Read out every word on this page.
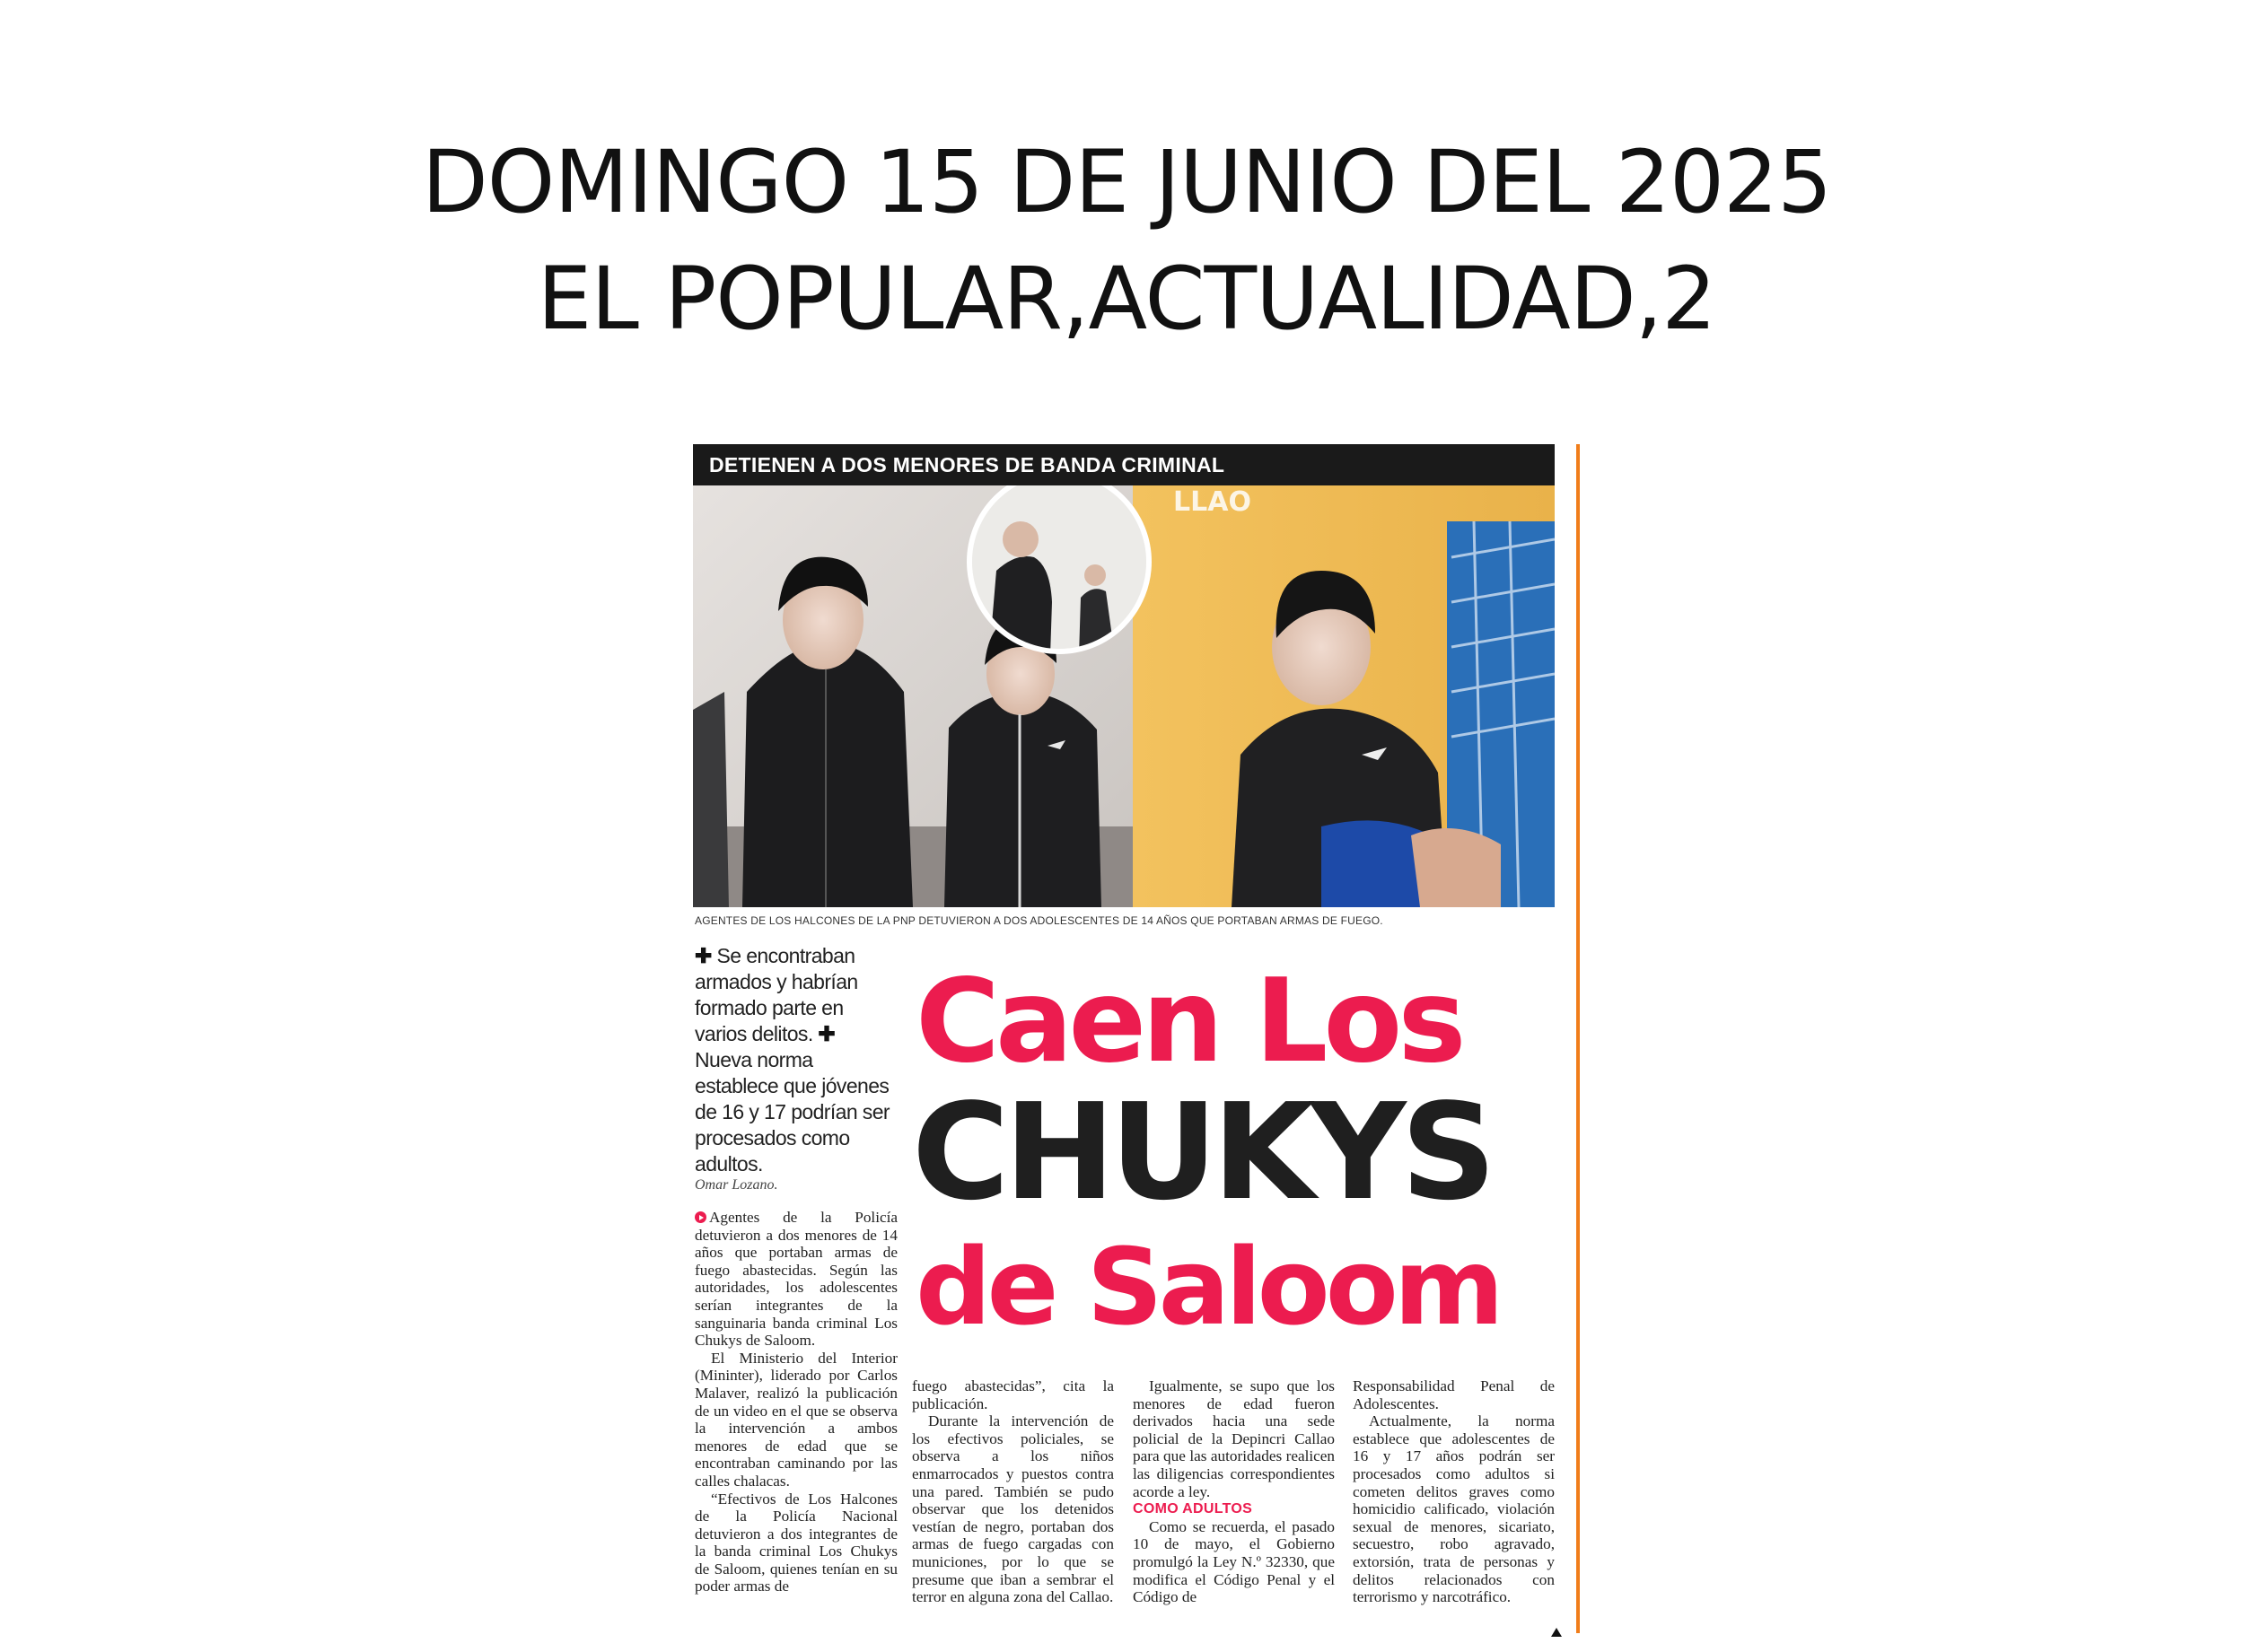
DOMINGO 15 DE JUNIO DEL 2025
EL POPULAR,ACTUALIDAD,2
DETIENEN A DOS MENORES DE BANDA CRIMINAL
LLAO
AGENTES DE LOS HALCONES DE LA PNP DETUVIERON A DOS ADOLESCENTES DE 14 AÑOS QUE PORTABAN ARMAS DE FUEGO.
✚ Se encontraban armados y habrían formado parte en varios delitos. ✚ Nueva norma establece que jóvenes de 16 y 17 podrían ser procesados como adultos.
Omar Lozano.
Caen Los
CHUKYS
de Saloom

Agentes de la Policía detuvieron a dos menores de 14 años que portaban armas de fuego abastecidas. Según las autoridades, los adolescentes serían integrantes de la sanguinaria banda criminal Los Chukys de Saloom.

El Ministerio del Interior (Mininter), liderado por Carlos Malaver, realizó la publicación de un video en el que se observa la intervención a ambos menores de edad que se encontraban caminando por las calles chalacas.

“Efectivos de Los Halcones de la Policía Nacional detuvieron a dos integrantes de la banda criminal Los Chukys de Saloom, quienes tenían en su poder armas de

fuego abastecidas”, cita la publicación.

Durante la intervención de los efectivos policiales, se observa a los niños enmarrocados y puestos contra una pared. También se pudo observar que los detenidos vestían de negro, portaban dos armas de fuego cargadas con municiones, por lo que se presume que iban a sembrar el terror en alguna zona del Callao.

Igualmente, se supo que los menores de edad fueron derivados hacia una sede policial de la Depincri Callao para que las autoridades realicen las diligencias correspondientes acorde a ley.

COMO ADULTOS

Como se recuerda, el pasado 10 de mayo, el Gobierno promulgó la Ley N.º 32330, que modifica el Código Penal y el Código de

Responsabilidad Penal de Adolescentes.

Actualmente, la norma establece que adolescentes de 16 y 17 años podrán ser procesados como adultos si cometen delitos graves como homicidio calificado, violación sexual de menores, sicariato, secuestro, robo agravado, extorsión, trata de personas y delitos relacionados con terrorismo y narcotráfico.
